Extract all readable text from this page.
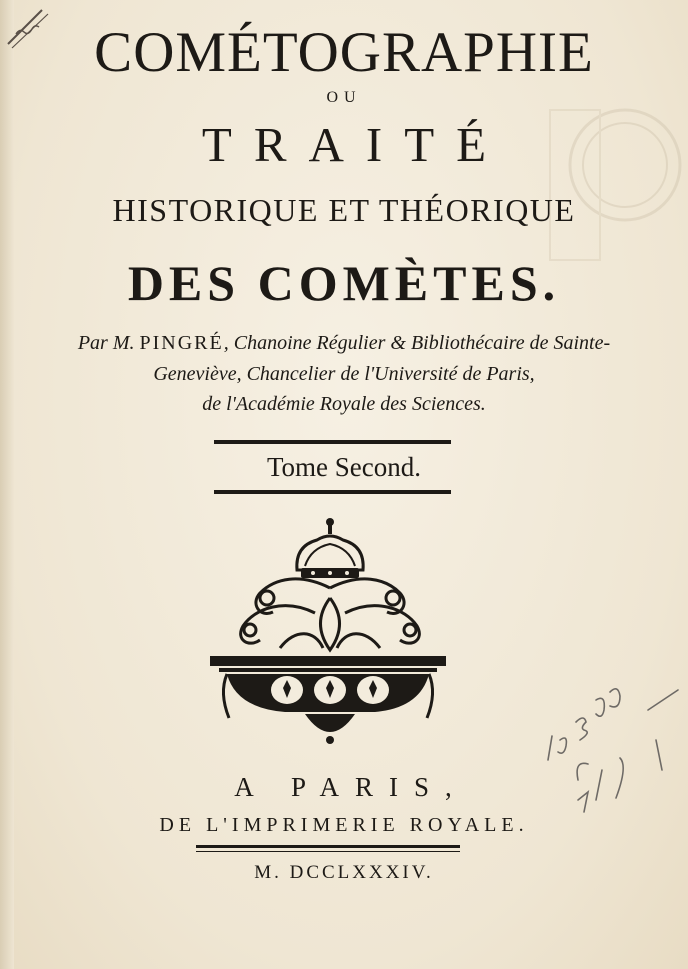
COMÉTOGRAPHIE
OU
TRAITÉ
HISTORIQUE ET THÉORIQUE
DES COMÈTES.
Par M. PINGRÉ, Chanoine Régulier & Bibliothécaire de Sainte-
Geneviève, Chancelier de l'Université de Paris,
de l'Académie Royale des Sciences.
Tome Second.
A PARIS,
DE L'IMPRIMERIE ROYALE.
M. DCCLXXXIV.
